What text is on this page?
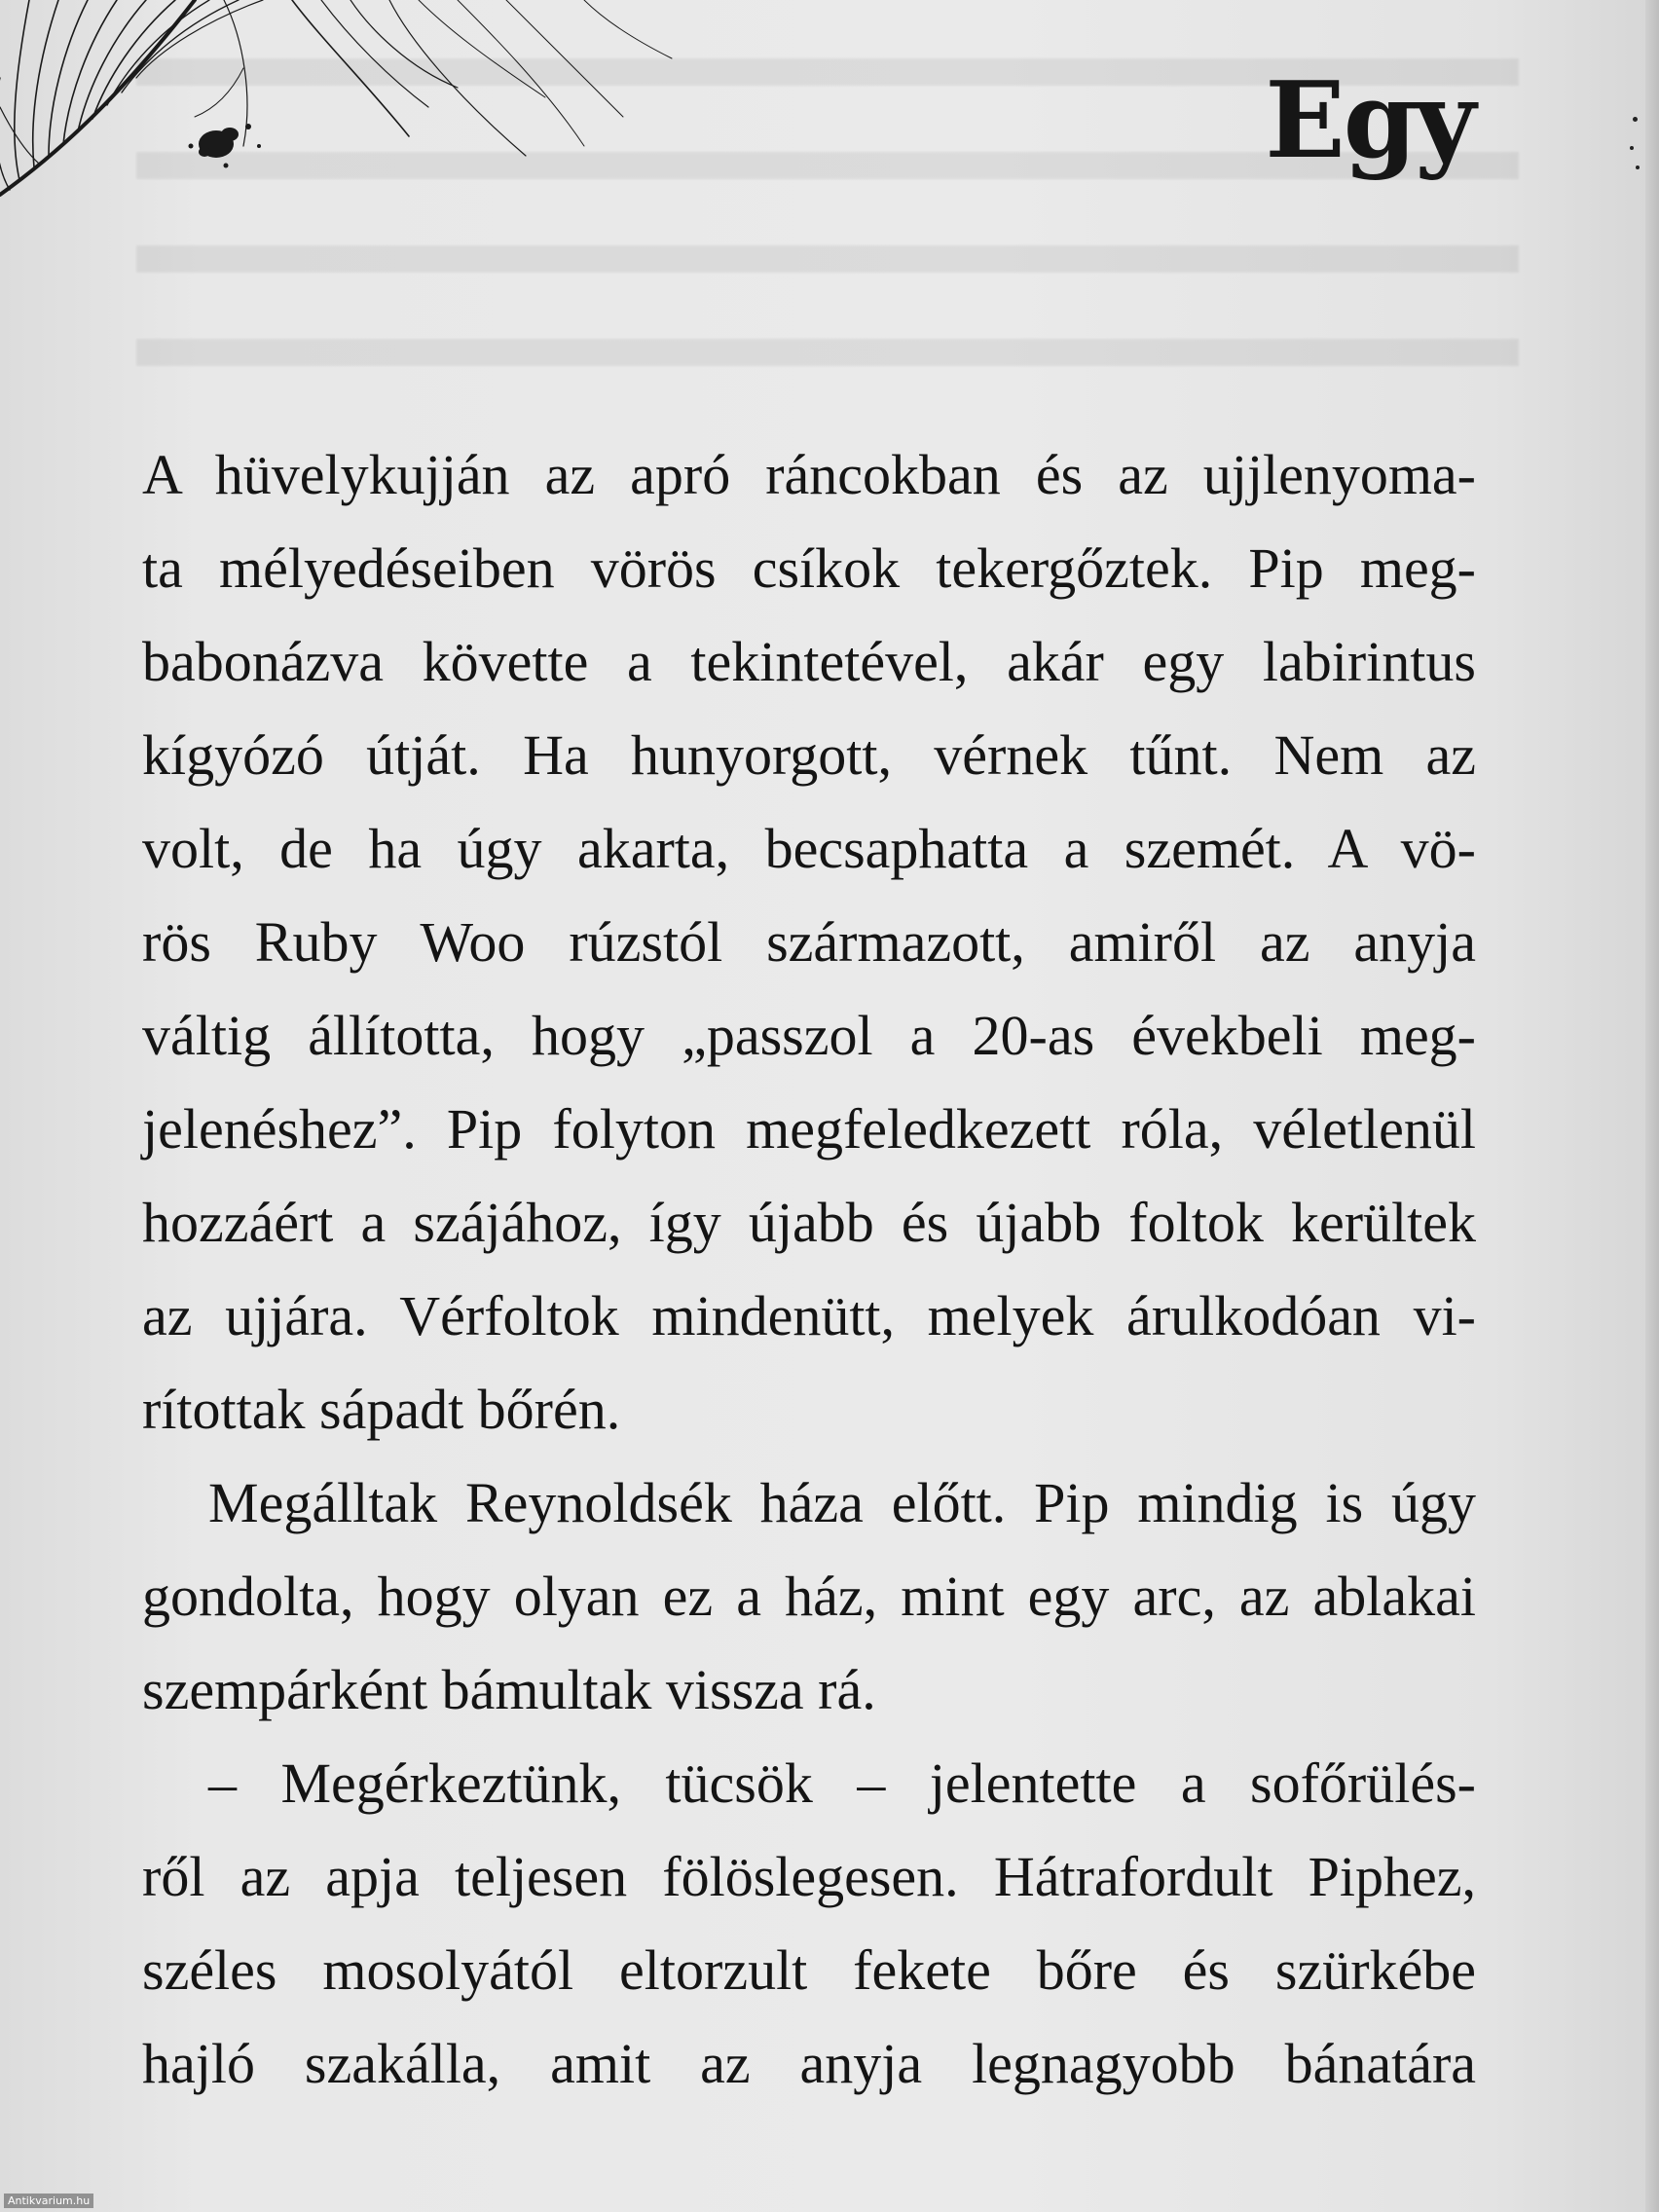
Egy

A hüvelykujján az apró ráncokban és az ujjlenyoma-
ta mélyedéseiben vörös csíkok tekergőztek. Pip meg-
babonázva követte a tekintetével, akár egy labirintus
kígyózó útját. Ha hunyorgott, vérnek tűnt. Nem az
volt, de ha úgy akarta, becsaphatta a szemét. A vö-
rös Ruby Woo rúzstól származott, amiről az anyja
váltig állította, hogy „passzol a 20-as évekbeli meg-
jelenéshez”. Pip folyton megfeledkezett róla, véletlenül
hozzáért a szájához, így újabb és újabb foltok kerültek
az ujjára. Vérfoltok mindenütt, melyek árulkodóan vi-
rítottak sápadt bőrén.

Megálltak Reynoldsék háza előtt. Pip mindig is úgy
gondolta, hogy olyan ez a ház, mint egy arc, az ablakai
szempárként bámultak vissza rá.

– Megérkeztünk, tücsök – jelentette a sofőrülés-
ről az apja teljesen fölöslegesen. Hátrafordult Piphez,
széles mosolyától eltorzult fekete bőre és szürkébe
hajló szakálla, amit az anyja legnagyobb bánatára

Antikvarium.hu
